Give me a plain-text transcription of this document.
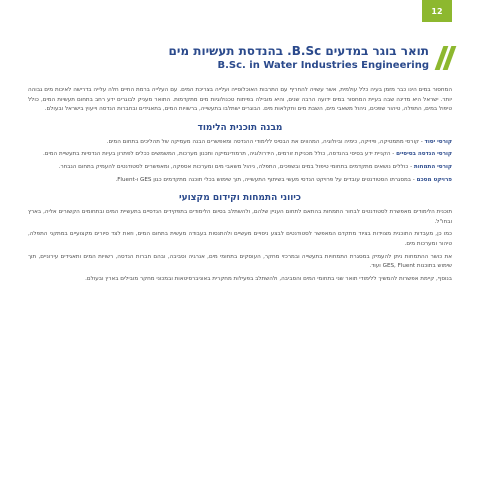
12
תואר בוגר במדעים B.Sc. בהנדסת תעשיות מים
B.Sc. in Water Industries Engineering

המחסור במים הינו כבר מזמן בעיה כלל עולמית, אשר עשויה להחריף עם התרבות האוכלוסייה ועלייה בצריכת המים. עם העלייה ברמת החיים חלה עלייה בדרישה לאיכות מים גבוהה יותר. ישראל היא מדינה שבה בעיית המחסור במים ידועה הרבה שנים, והיא מובילה בפיתוח טכנולוגיות מים מתקדמות. התואר מעניק לבוגרים ידע רחב בתחום תעשיות המים, כולל טיפול במים, התפלה, טיהור שפכים, ניהול משאבי מים, השבת מים וחקלאות מים. הבוגרים ישתלבו בתעשייה, ברשויות המים, בתאגידים ובחברות הנדסה וייעוץ בישראל ובעולם.

מבנה תוכנית הלימוד

קורסי יסוד - קורסי מתמטיקה, פיזיקה, כימיה וביולוגיה, המהווים את הבסיס ללימודי ההנדסה ומאפשרים הבנה מעמיקה של תהליכים בתחום המים.

קורסי הנדסה בסיסיים - הקניית ידע בסיסי בהנדסה, כולל מכניקת זורמים, הידרולוגיה, תרמודינמיקה ותכנון מערכות, המשמשים ככלים לפתרון בעיות הנדסיות בתעשיית המים.

קורסי התמחות - כוללים נושאים מתקדמים בתחומי טיפול במים ובשפכים, התפלה, ניהול משאבי מים ומערכות אספקה, ומאפשרים לסטודנטים להעמיק בתחום הנבחר.

פרויקט מסכם - במסגרתו הסטודנטים עובדים על פרויקט הנדסי מעשי בשיתוף התעשייה, תוך שימוש בכלי תוכנה מתקדמים כגון GES ו-Fluent.

כיווני התמחות וקידום מקצועי

תוכנית הלימודים מאפשרת לסטודנטים לבחור התמחות בהתאם לתחום העניין שלהם, ולהשתלב בסיום הלימודים בתפקידים הנדסיים בתעשיית המים ובתחומים הקשורים אליה, בארץ ובחו"ל.

כמו כן, מעבדות התוכנית מצוידות בציוד מתקדם המאפשר לסטודנטים לבצע ניסויים מעשיים ולהתנסות בעבודה מעשית בתחום המים, וזאת לצד סיורים מקצועיים במתקני התפלה, טיהור ומערכות מים.

את כושר ההתמחות ניתן להעמיק במסגרת התמחויות בתעשייה ובמרכזי מחקר, העוסקים בתחומי מים, אנרגיה וסביבה, ובהם חברות הנדסה, רשויות המים ותאגידים עירוניים, תוך שימוש בתוכנות GES, Fluent ועוד.

בנוסף, קיימת אפשרות להמשיך ללימודי תואר שני בתחומי המים והסביבה, ולהשתלב בפעילות מחקרית באוניברסיטאות ובמכוני מחקר מובילים בארץ ובעולם.
